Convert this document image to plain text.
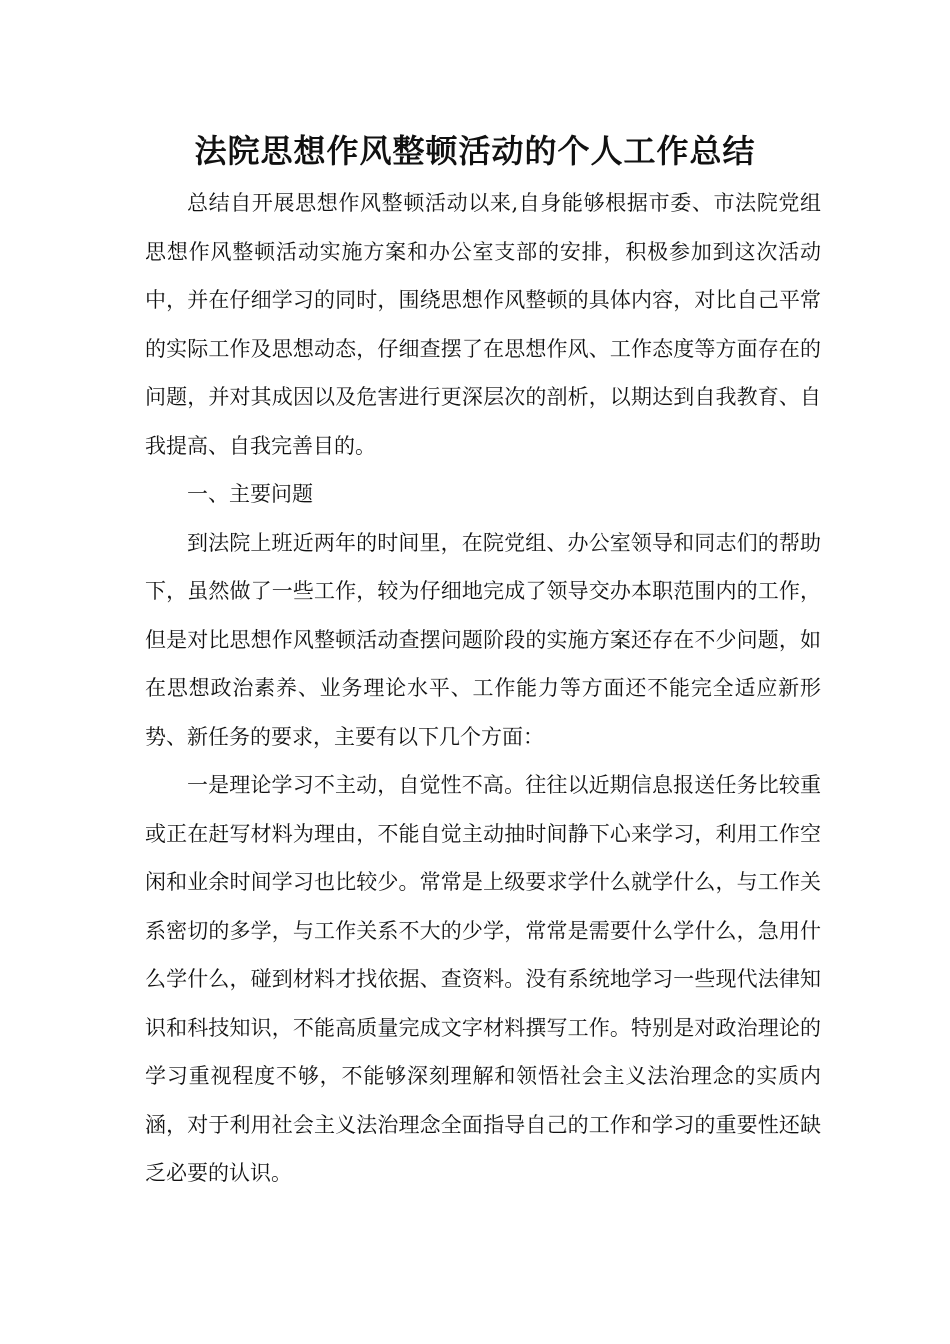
法院思想作风整顿活动的个人工作总结

总结自开展思想作风整顿活动以来,自身能够根据市委、市法院党组思想作风整顿活动实施方案和办公室支部的安排，积极参加到这次活动中，并在仔细学习的同时，围绕思想作风整顿的具体内容，对比自己平常的实际工作及思想动态，仔细查摆了在思想作风、工作态度等方面存在的问题，并对其成因以及危害进行更深层次的剖析，以期达到自我教育、自我提高、自我完善目的。

一、主要问题

到法院上班近两年的时间里，在院党组、办公室领导和同志们的帮助下，虽然做了一些工作，较为仔细地完成了领导交办本职范围内的工作，但是对比思想作风整顿活动查摆问题阶段的实施方案还存在不少问题，如在思想政治素养、业务理论水平、工作能力等方面还不能完全适应新形势、新任务的要求，主要有以下几个方面：

一是理论学习不主动，自觉性不高。往往以近期信息报送任务比较重或正在赶写材料为理由，不能自觉主动抽时间静下心来学习，利用工作空闲和业余时间学习也比较少。常常是上级要求学什么就学什么，与工作关系密切的多学，与工作关系不大的少学，常常是需要什么学什么，急用什么学什么，碰到材料才找依据、查资料。没有系统地学习一些现代法律知识和科技知识，不能高质量完成文字材料撰写工作。特别是对政治理论的学习重视程度不够，不能够深刻理解和领悟社会主义法治理念的实质内涵，对于利用社会主义法治理念全面指导自己的工作和学习的重要性还缺乏必要的认识。
